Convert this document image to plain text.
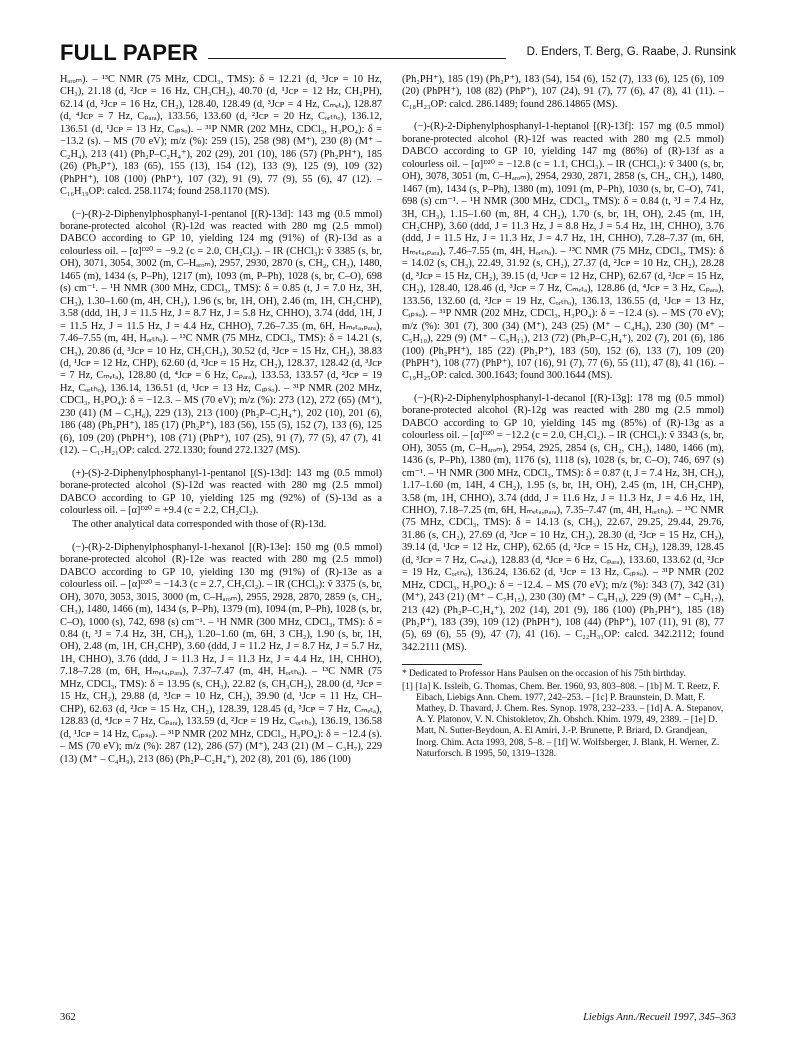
FULL PAPER	D. Enders, T. Berg, G. Raabe, J. Runsink

Hₐᵣₒₘ). – ¹³C NMR (75 MHz, CDCl₃, TMS): δ = 12.21 (d, ³Jᴄᴘ = 10 Hz, CH₃), 21.18 (d, ²Jᴄᴘ = 16 Hz, CH₃CH₂), 40.70 (d, ¹Jᴄᴘ = 12 Hz, CH₂PH), 62.14 (d, ²Jᴄᴘ = 16 Hz, CH₂), 128.40, 128.49 (d, ³Jᴄᴘ = 4 Hz, Cₘₑₜₐ), 128.87 (d, ⁴Jᴄᴘ = 7 Hz, Cₚₐᵣₐ), 133.56, 133.60 (d, ²Jᴄᴘ = 20 Hz, Cₒᵣₜₕₒ), 136.12, 136.51 (d, ¹Jᴄᴘ = 13 Hz, Cᵢₚₛₒ). – ³¹P NMR (202 MHz, CDCl₃, H₃PO₄): δ = −13.2 (s). – MS (70 eV); m/z (%): 259 (15), 258 (98) (M⁺), 230 (8) (M⁺ – C₂H₄), 213 (41) (Ph₂P–C₂H₄⁺), 202 (29), 201 (10), 186 (57) (Ph₂PH⁺), 185 (26) (Ph₂P⁺), 183 (65), 155 (13), 154 (12), 133 (9), 125 (9), 109 (32) (PhPH⁺), 108 (100) (PhP⁺), 107 (32), 91 (9), 77 (9), 55 (6), 47 (12). – C₁₆H₁₉OP: calcd. 258.1174; found 258.1170 (MS).

(−)-(R)-2-Diphenylphosphanyl-1-pentanol [(R)-13d]: 143 mg (0.5 mmol) borane-protected alcohol (R)-12d was reacted with 280 mg (2.5 mmol) DABCO according to GP 10, yielding 124 mg (91%) of (R)-13d as a colourless oil. – [α]ᴰ²⁰ = −9.2 (c = 2.0, CH₂Cl₂). – IR (CHCl₃): ṽ 3385 (s, br, OH), 3071, 3054, 3002 (m, C–Hₐᵣₒₘ), 2957, 2930, 2870 (s, CH₂, CH₃), 1480, 1465 (m), 1434 (s, P–Ph), 1217 (m), 1093 (m, P–Ph), 1028 (s, br, C–O), 698 (s) cm⁻¹. – ¹H NMR (300 MHz, CDCl₃, TMS): δ = 0.85 (t, J = 7.0 Hz, 3H, CH₃), 1.30–1.60 (m, 4H, CH₂), 1.96 (s, br, 1H, OH), 2.46 (m, 1H, CH₂CHP), 3.58 (ddd, 1H, J = 11.5 Hz, J = 8.7 Hz, J = 5.8 Hz, CHHO), 3.74 (ddd, 1H, J = 11.5 Hz, J = 11.5 Hz, J = 4.4 Hz, CHHO), 7.26–7.35 (m, 6H, Hₘₑₜₐ,ₚₐᵣₐ), 7.46–7.55 (m, 4H, Hₒᵣₜₕₒ). – ¹³C NMR (75 MHz, CDCl₃, TMS): δ = 14.21 (s, CH₃), 20.86 (d, ³Jᴄᴘ = 10 Hz, CH₃CH₂), 30.52 (d, ²Jᴄᴘ = 15 Hz, CH₂), 38.83 (d, ¹Jᴄᴘ = 12 Hz, CHP), 62.60 (d, ²Jᴄᴘ = 15 Hz, CH₂), 128.37, 128.42 (d, ³Jᴄᴘ = 7 Hz, Cₘₑₜₐ), 128.80 (d, ⁴Jᴄᴘ = 6 Hz, Cₚₐᵣₐ), 133.53, 133.57 (d, ²Jᴄᴘ = 19 Hz, Cₒᵣₜₕₒ), 136.14, 136.51 (d, ¹Jᴄᴘ = 13 Hz, Cᵢₚₛₒ). – ³¹P NMR (202 MHz, CDCl₃, H₃PO₄): δ = −12.3. – MS (70 eV); m/z (%): 273 (12), 272 (65) (M⁺), 230 (41) (M – C₃H₆), 229 (13), 213 (100) (Ph₂P–C₂H₄⁺), 202 (10), 201 (6), 186 (48) (Ph₂PH⁺), 185 (17) (Ph₂P⁺), 183 (56), 155 (5), 152 (7), 133 (6), 125 (6), 109 (20) (PhPH⁺), 108 (71) (PhP⁺), 107 (25), 91 (7), 77 (5), 47 (7), 41 (12). – C₁₇H₂₁OP: calcd. 272.1330; found 272.1327 (MS).

(+)-(S)-2-Diphenylphosphanyl-1-pentanol [(S)-13d]: 143 mg (0.5 mmol) borane-protected alcohol (S)-12d was reacted with 280 mg (2.5 mmol) DABCO according to GP 10, yielding 125 mg (92%) of (S)-13d as a colourless oil. – [α]ᴰ²⁰ = +9.4 (c = 2.2, CH₂Cl₂).

The other analytical data corresponded with those of (R)-13d.

(−)-(R)-2-Diphenylphosphanyl-1-hexanol [(R)-13e]: 150 mg (0.5 mmol) borane-protected alcohol (R)-12e was reacted with 280 mg (2.5 mmol) DABCO according to GP 10, yielding 130 mg (91%) of (R)-13e as a colourless oil. – [α]ᴰ²⁰ = −14.3 (c = 2.7, CH₂Cl₂). – IR (CHCl₃): ṽ 3375 (s, br, OH), 3070, 3053, 3015, 3000 (m, C–Hₐᵣₒₘ), 2955, 2928, 2870, 2859 (s, CH₂, CH₃), 1480, 1466 (m), 1434 (s, P–Ph), 1379 (m), 1094 (m, P–Ph), 1028 (s, br, C–O), 1000 (s), 742, 698 (s) cm⁻¹. – ¹H NMR (300 MHz, CDCl₃, TMS): δ = 0.84 (t, ³J = 7.4 Hz, 3H, CH₃), 1.20–1.60 (m, 6H, 3 CH₂), 1.90 (s, br, 1H, OH), 2.48 (m, 1H, CH₂CHP), 3.60 (ddd, J = 11.2 Hz, J = 8.7 Hz, J = 5.7 Hz, 1H, CHHO), 3.76 (ddd, J = 11.3 Hz, J = 11.3 Hz, J = 4.4 Hz, 1H, CHHO), 7.18–7.28 (m, 6H, Hₘₑₜₐ,ₚₐᵣₐ), 7.37–7.47 (m, 4H, Hₒᵣₜₕₒ). – ¹³C NMR (75 MHz, CDCl₃, TMS): δ = 13.95 (s, CH₃), 22.82 (s, CH₃CH₂), 28.00 (d, ²Jᴄᴘ = 15 Hz, CH₂), 29.88 (d, ³Jᴄᴘ = 10 Hz, CH₂), 39.90 (d, ¹Jᴄᴘ = 11 Hz, CH–CHP), 62.63 (d, ²Jᴄᴘ = 15 Hz, CH₂), 128.39, 128.45 (d, ³Jᴄᴘ = 7 Hz, Cₘₑₜₐ), 128.83 (d, ⁴Jᴄᴘ = 7 Hz, Cₚₐᵣₐ), 133.59 (d, ²Jᴄᴘ = 19 Hz, Cₒᵣₜₕₒ), 136.19, 136.58 (d, ¹Jᴄᴘ = 14 Hz, Cᵢₚₛₒ). – ³¹P NMR (202 MHz, CDCl₃, H₃PO₄): δ = −12.4 (s). – MS (70 eV); m/z (%): 287 (12), 286 (57) (M⁺), 243 (21) (M – C₃H₇), 229 (13) (M⁺ – C₄H₉), 213 (86) (Ph₂P–C₂H₄⁺), 202 (8), 201 (6), 186 (100)

(Ph₂PH⁺), 185 (19) (Ph₂P⁺), 183 (54), 154 (6), 152 (7), 133 (6), 125 (6), 109 (20) (PhPH⁺), 108 (82) (PhP⁺), 107 (24), 91 (7), 77 (6), 47 (8), 41 (11). – C₁₈H₂₃OP: calcd. 286.1489; found 286.14865 (MS).

(−)-(R)-2-Diphenylphosphanyl-1-heptanol [(R)-13f]: 157 mg (0.5 mmol) borane-protected alcohol (R)-12f was reacted with 280 mg (2.5 mmol) DABCO according to GP 10, yielding 147 mg (86%) of (R)-13f as a colourless oil. – [α]ᴰ²⁰ = −12.8 (c = 1.1, CHCl₃). – IR (CHCl₃): ṽ 3400 (s, br, OH), 3078, 3051 (m, C–Hₐᵣₒₘ), 2954, 2930, 2871, 2858 (s, CH₂, CH₃), 1480, 1467 (m), 1434 (s, P–Ph), 1380 (m), 1091 (m, P–Ph), 1030 (s, br, C–O), 741, 698 (s) cm⁻¹. – ¹H NMR (300 MHz, CDCl₃, TMS): δ = 0.84 (t, ³J = 7.4 Hz, 3H, CH₃), 1.15–1.60 (m, 8H, 4 CH₂), 1.70 (s, br, 1H, OH), 2.45 (m, 1H, CH₂CHP), 3.60 (ddd, J = 11.3 Hz, J = 8.8 Hz, J = 5.4 Hz, 1H, CHHO), 3.76 (ddd, J = 11.5 Hz, J = 11.3 Hz, J = 4.7 Hz, 1H, CHHO), 7.28–7.37 (m, 6H, Hₘₑₜₐ,ₚₐᵣₐ), 7.46–7.55 (m, 4H, Hₒᵣₜₕₒ). – ¹³C NMR (75 MHz, CDCl₃, TMS): δ = 14.02 (s, CH₃), 22.49, 31.92 (s, CH₂), 27.37 (d, ²Jᴄᴘ = 10 Hz, CH₂), 28.28 (d, ³Jᴄᴘ = 15 Hz, CH₂), 39.15 (d, ¹Jᴄᴘ = 12 Hz, CHP), 62.67 (d, ²Jᴄᴘ = 15 Hz, CH₂), 128.40, 128.46 (d, ³Jᴄᴘ = 7 Hz, Cₘₑₜₐ), 128.86 (d, ⁴Jᴄᴘ = 3 Hz, Cₚₐᵣₐ), 133.56, 132.60 (d, ²Jᴄᴘ = 19 Hz, Cₒᵣₜₕₒ), 136.13, 136.55 (d, ¹Jᴄᴘ = 13 Hz, Cᵢₚₛₒ). – ³¹P NMR (202 MHz, CDCl₃, H₃PO₄): δ = −12.4 (s). – MS (70 eV); m/z (%): 301 (7), 300 (34) (M⁺), 243 (25) (M⁺ – C₄H₉), 230 (30) (M⁺ – C₅H₁₀), 229 (9) (M⁺ – C₅H₁₁), 213 (72) (Ph₂P–C₂H₄⁺), 202 (7), 201 (6), 186 (100) (Ph₂PH⁺), 185 (22) (Ph₂P⁺), 183 (50), 152 (6), 133 (7), 109 (20) (PhPH⁺), 108 (77) (PhP⁺), 107 (16), 91 (7), 77 (6), 55 (11), 47 (8), 41 (16). – C₁₉H₂₅OP: calcd. 300.1643; found 300.1644 (MS).

(−)-(R)-2-Diphenylphosphanyl-1-decanol [(R)-13g]: 178 mg (0.5 mmol) borane-protected alcohol (R)-12g was reacted with 280 mg (2.5 mmol) DABCO according to GP 10, yielding 145 mg (85%) of (R)-13g as a colourless oil. – [α]ᴰ²⁰ = −12.2 (c = 2.0, CH₂Cl₂). – IR (CHCl₃): ṽ 3343 (s, br, OH), 3055 (m, C–Hₐᵣₒₘ), 2954, 2925, 2854 (s, CH₂, CH₃), 1480, 1466 (m), 1436 (s, P–Ph), 1380 (m), 1176 (s), 1118 (s), 1028 (s, br, C–O), 746, 697 (s) cm⁻¹. – ¹H NMR (300 MHz, CDCl₃, TMS): δ = 0.87 (t, J = 7.4 Hz, 3H, CH₃), 1.17–1.60 (m, 14H, 4 CH₂), 1.95 (s, br, 1H, OH), 2.45 (m, 1H, CH₂CHP), 3.58 (m, 1H, CHHO), 3.74 (ddd, J = 11.6 Hz, J = 11.3 Hz, J = 4.6 Hz, 1H, CHHO), 7.18–7.25 (m, 6H, Hₘₑₜₐ,ₚₐᵣₐ), 7.35–7.47 (m, 4H, Hₒᵣₜₕₒ). – ¹³C NMR (75 MHz, CDCl₃, TMS): δ = 14.13 (s, CH₃), 22.67, 29.25, 29.44, 29.76, 31.86 (s, CH₂), 27.69 (d, ³Jᴄᴘ = 10 Hz, CH₂), 28.30 (d, ²Jᴄᴘ = 15 Hz, CH₂), 39.14 (d, ¹Jᴄᴘ = 12 Hz, CHP), 62.65 (d, ²Jᴄᴘ = 15 Hz, CH₂), 128.39, 128.45 (d, ³Jᴄᴘ = 7 Hz, Cₘₑₜₐ), 128.83 (d, ⁴Jᴄᴘ = 6 Hz, Cₚₐᵣₐ), 133.60, 133.62 (d, ²Jᴄᴘ = 19 Hz, Cₒᵣₜₕₒ), 136.24, 136.62 (d, ¹Jᴄᴘ = 13 Hz, Cᵢₚₛₒ). – ³¹P NMR (202 MHz, CDCl₃, H₃PO₄): δ = −12.4. – MS (70 eV); m/z (%): 343 (7), 342 (31) (M⁺), 243 (21) (M⁺ – C₇H₁₅), 230 (30) (M⁺ – C₈H₁₆), 229 (9) (M⁺ – C₈H₁₇), 213 (42) (Ph₂P–C₂H₄⁺), 202 (14), 201 (9), 186 (100) (Ph₂PH⁺), 185 (18) (Ph₂P⁺), 183 (39), 109 (12) (PhPH⁺), 108 (44) (PhP⁺), 107 (11), 91 (8), 77 (5), 69 (6), 55 (9), 47 (7), 41 (16). – C₂₂H₃₁OP: calcd. 342.2112; found 342.2111 (MS).

* Dedicated to Professor Hans Paulsen on the occasion of his 75th birthday.
[1] [1a] K. Issleib, G. Thomas, Chem. Ber. 1960, 93, 803–808. – [1b] M. T. Reetz, F. Eibach, Liebigs Ann. Chem. 1977, 242–253. – [1c] P. Braunstein, D. Matt, F. Mathey, D. Thavard, J. Chem. Res. Synop. 1978, 232–233. – [1d] A. A. Stepanov, A. Y. Platonov, V. N. Chistokletov, Zh. Obshch. Khim. 1979, 49, 2389. – [1e] D. Matt, N. Sutter-Beydoun, A. El Amiri, J.-P. Brunette, P. Briard, D. Grandjean, Inorg. Chim. Acta 1993, 208, 5–8. – [1f] W. Wolfsberger, J. Blank, H. Werner, Z. Naturforsch. B 1995, 50, 1319–1328.
362	Liebigs Ann./Recueil 1997, 345–363
